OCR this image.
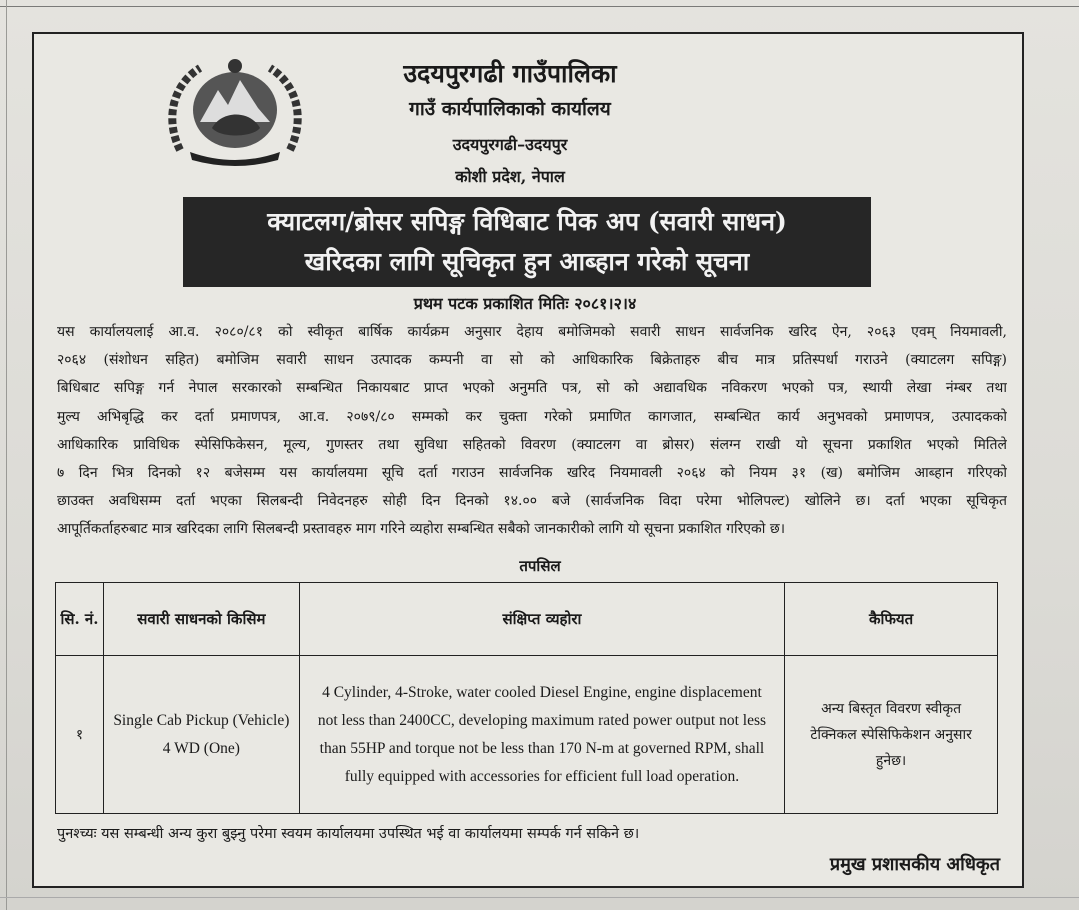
उदयपुरगढी गाउँपालिका
गाउँ कार्यपालिकाको कार्यालय
उदयपुरगढी–उदयपुर
कोशी प्रदेश, नेपाल
क्याटलग/ब्रोसर सपिङ्ग विधिबाट पिक अप (सवारी साधन)
खरिदका लागि सूचिकृत हुन आब्हान गरेको सूचना
प्रथम पटक प्रकाशित मितिः २०८१।२।४
यस कार्यालयलाई आ.व. २०८०/८१ को स्वीकृत बार्षिक कार्यक्रम अनुसार देहाय बमोजिमको सवारी साधन सार्वजनिक खरिद ऐन, २०६३ एवम् नियमावली,
२०६४ (संशोधन सहित) बमोजिम सवारी साधन उत्पादक कम्पनी वा सो को आधिकारिक बिक्रेताहरु बीच मात्र प्रतिस्पर्धा गराउने (क्याटलग सपिङ्ग)
बिधिबाट सपिङ्ग गर्न नेपाल सरकारको सम्बन्धित निकायबाट प्राप्त भएको अनुमति पत्र, सो को अद्यावधिक नविकरण भएको पत्र, स्थायी लेखा नंम्बर तथा
मुल्य अभिबृद्धि कर दर्ता प्रमाणपत्र, आ.व. २०७९/८० सम्मको कर चुक्ता गरेको प्रमाणित कागजात, सम्बन्धित कार्य अनुभवको प्रमाणपत्र, उत्पादकको
आधिकारिक प्राविधिक स्पेसिफिकेसन, मूल्य, गुणस्तर तथा सुविधा सहितको विवरण (क्याटलग वा ब्रोसर) संलग्न राखी यो सूचना प्रकाशित भएको मितिले
७ दिन भित्र दिनको १२ बजेसम्म यस कार्यालयमा सूचि दर्ता गराउन सार्वजनिक खरिद नियमावली २०६४ को नियम ३१ (ख) बमोजिम आब्हान गरिएको
छाउक्त अवधिसम्म दर्ता भएका सिलबन्दी निवेदनहरु सोही दिन दिनको १४.०० बजे (सार्वजनिक विदा परेमा भोलिपल्ट) खोलिने छ। दर्ता भएका सूचिकृत
आपूर्तिकर्ताहरुबाट मात्र खरिदका लागि सिलबन्दी प्रस्तावहरु माग गरिने व्यहोरा सम्बन्धित सबैको जानकारीको लागि यो सूचना प्रकाशित गरिएको छ।
तपसिल
सि. नं.	सवारी साधनको किसिम	संक्षिप्त व्यहोरा	कैफियत
१	Single Cab Pickup (Vehicle) 4 WD (One)	4 Cylinder, 4-Stroke, water cooled Diesel Engine, engine displacement not less than 2400CC, developing maximum rated power output not less than 55HP and torque not be less than 170 N-m at governed RPM, shall fully equipped with accessories for efficient full load operation.	अन्य बिस्तृत विवरण स्वीकृत टेक्निकल स्पेसिफिकेशन अनुसार हुनेछ।
पुनश्च्यः यस सम्बन्धी अन्य कुरा बुझ्नु परेमा स्वयम कार्यालयमा उपस्थित भई वा कार्यालयमा सम्पर्क गर्न सकिने छ।
प्रमुख प्रशासकीय अधिकृत
